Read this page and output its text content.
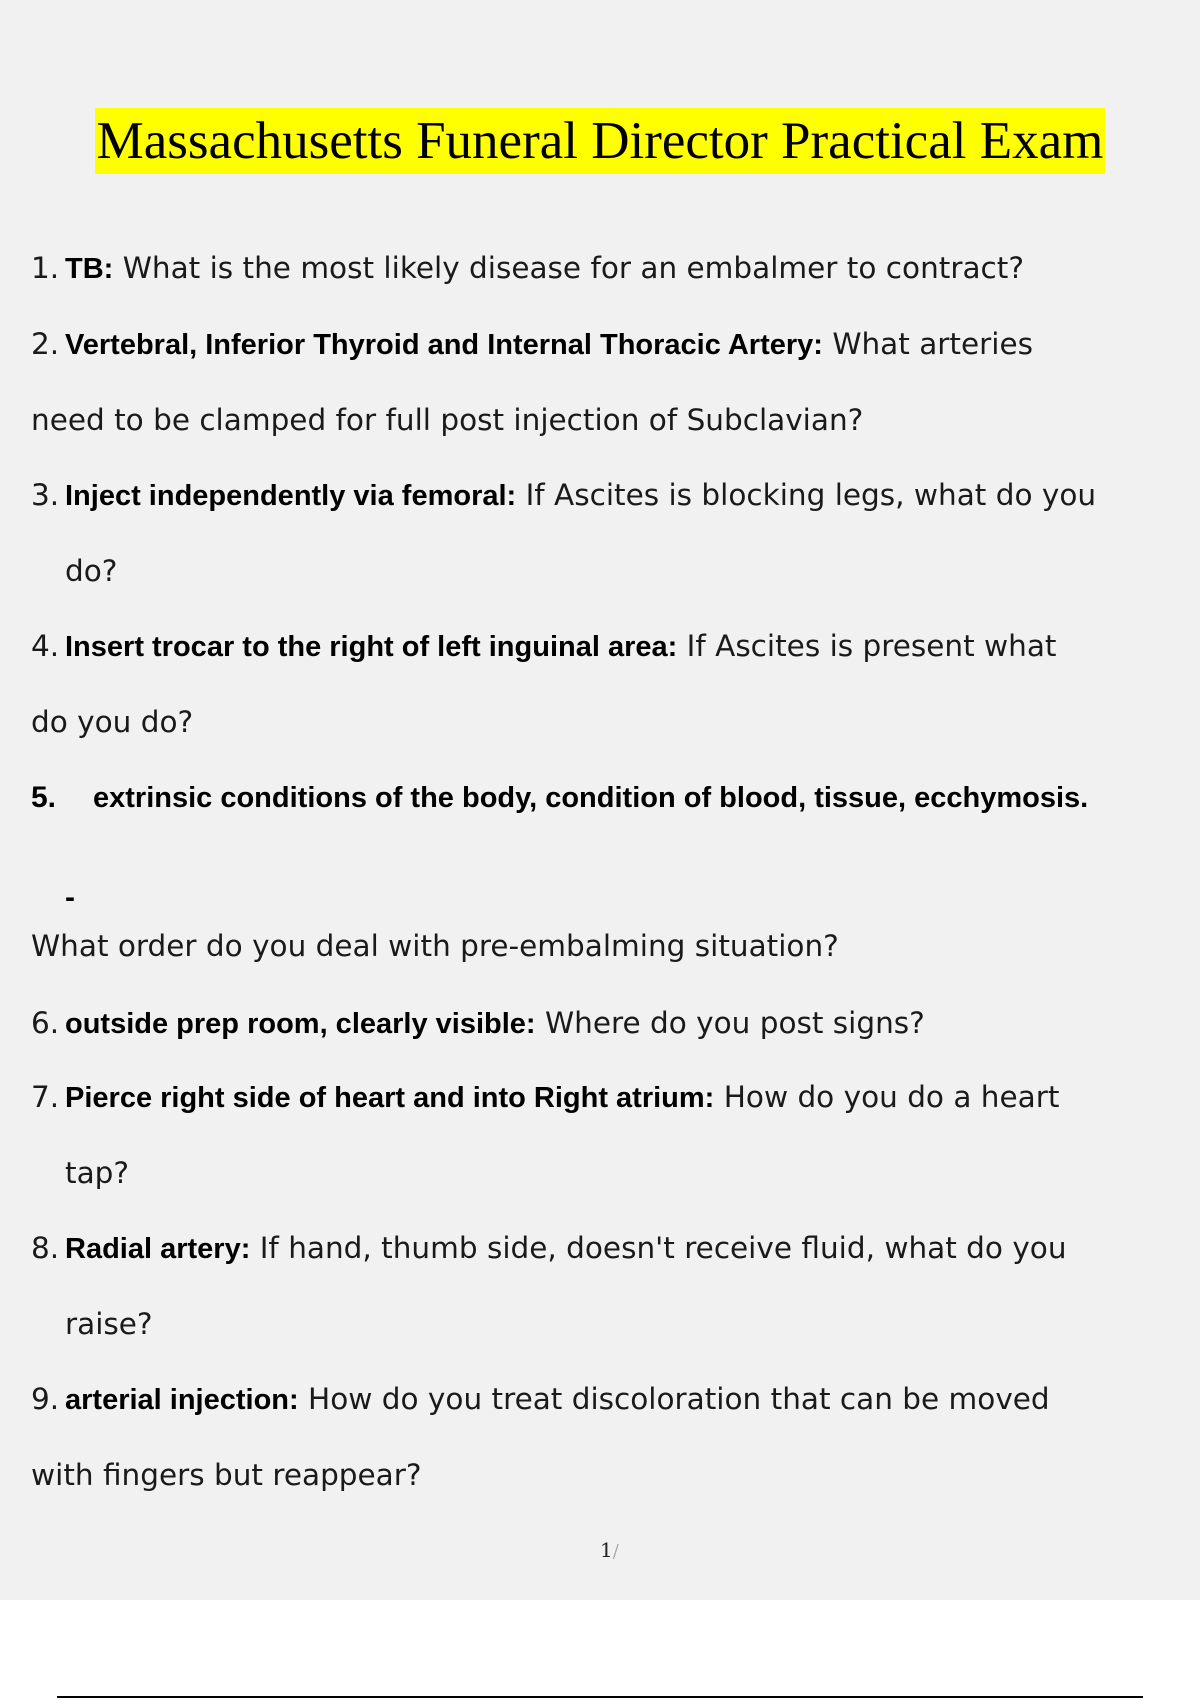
Massachusetts Funeral Director Practical Exam
1. TB: What is the most likely disease for an embalmer to contract?
2. Vertebral, Inferior Thyroid and Internal Thoracic Artery: What arteries
need to be clamped for full post injection of Subclavian?
3. Inject independently via femoral: If Ascites is blocking legs, what do you
do?
4. Insert trocar to the right of left inguinal area: If Ascites is present what
do you do?
5. extrinsic conditions of the body, condition of blood, tissue, ecchymosis.
-
What order do you deal with pre-embalming situation?
6. outside prep room, clearly visible: Where do you post signs?
7. Pierce right side of heart and into Right atrium: How do you do a heart
tap?
8. Radial artery: If hand, thumb side, doesn't receive fluid, what do you
raise?
9. arterial injection: How do you treat discoloration that can be moved
with fingers but reappear?
1/
